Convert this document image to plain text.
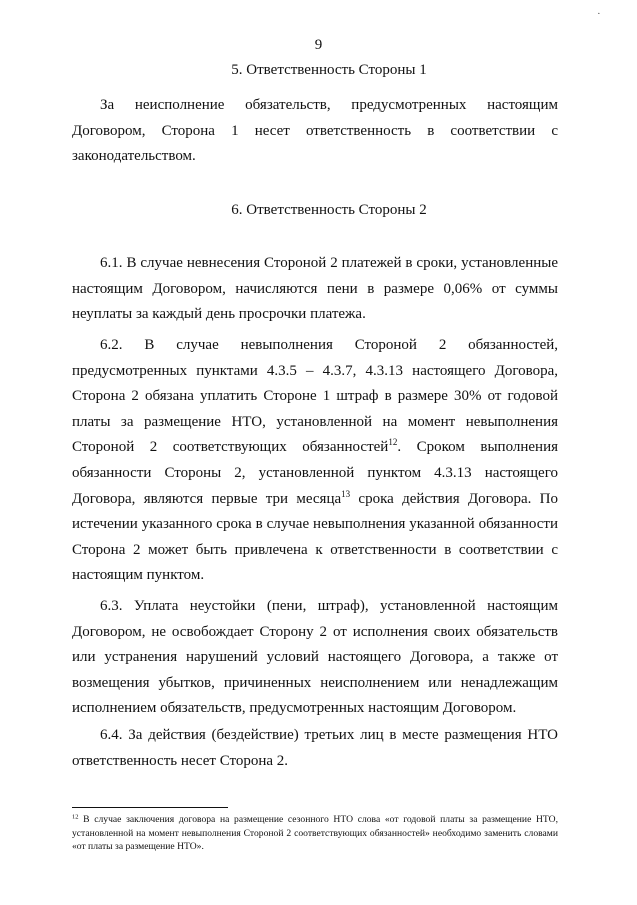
9
·
5. Ответственность Стороны 1
За неисполнение обязательств, предусмотренных настоящим Договором, Сторона 1 несет ответственность в соответствии с законодательством.
6. Ответственность Стороны 2
6.1. В случае невнесения Стороной 2 платежей в сроки, установленные настоящим Договором, начисляются пени в размере 0,06% от суммы неуплаты за каждый день просрочки платежа.
6.2. В случае невыполнения Стороной 2 обязанностей, предусмотренных пунктами 4.3.5 – 4.3.7, 4.3.13 настоящего Договора, Сторона 2 обязана уплатить Стороне 1 штраф в размере 30% от годовой платы за размещение НТО, установленной на момент невыполнения Стороной 2 соответствующих обязанностей$^{12}$. Сроком выполнения обязанности Стороны 2, установленной пунктом 4.3.13 настоящего Договора, являются первые три месяца$^{13}$ срока действия Договора. По истечении указанного срока в случае невыполнения указанной обязанности Сторона 2 может быть привлечена к ответственности в соответствии с настоящим пунктом.
6.3. Уплата неустойки (пени, штраф), установленной настоящим Договором, не освобождает Сторону 2 от исполнения своих обязательств или устранения нарушений условий настоящего Договора, а также от возмещения убытков, причиненных неисполнением или ненадлежащим исполнением обязательств, предусмотренных настоящим Договором.
6.4. За действия (бездействие) третьих лиц в месте размещения НТО ответственность несет Сторона 2.
$^{12}$ В случае заключения договора на размещение сезонного НТО слова «от годовой платы за размещение НТО, установленной на момент невыполнения Стороной 2 соответствующих обязанностей» необходимо заменить словами «от платы за размещение НТО».
